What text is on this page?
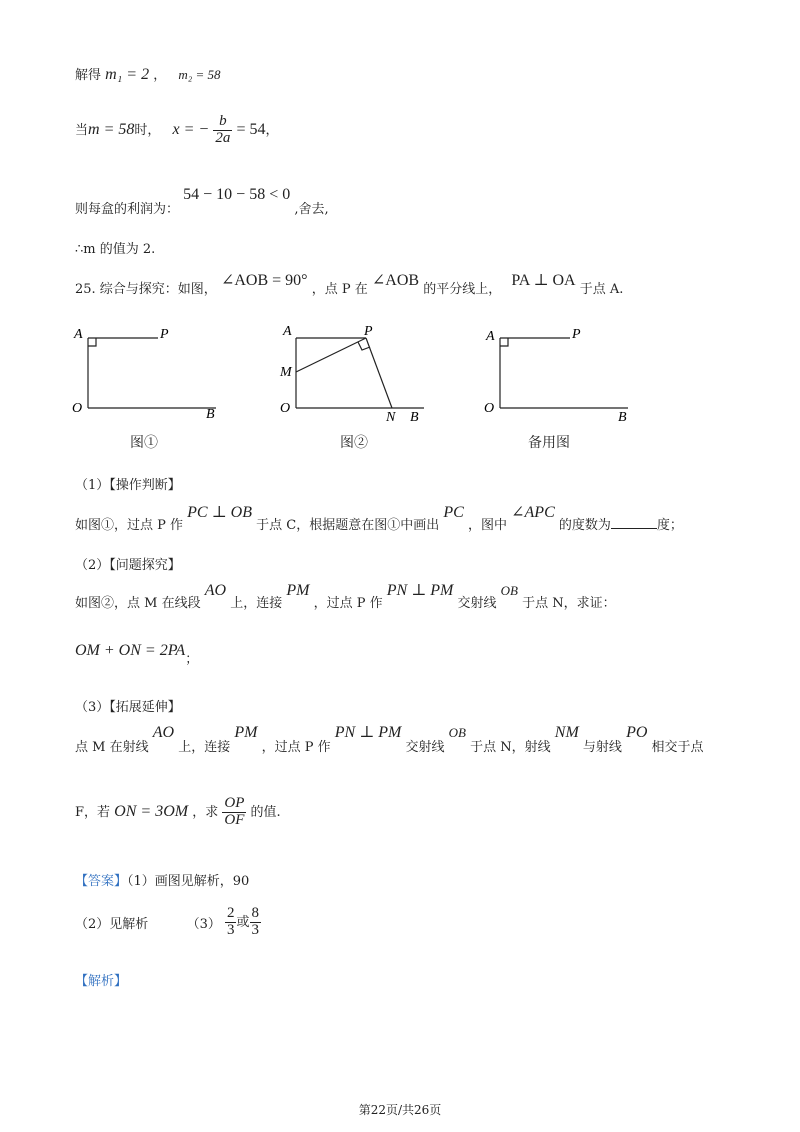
解得 m₁ = 2 ， m₂ = 58
当m = 58时， x = − $\frac{b}{2a} = 54$，
则每盒的利润为： 54 − 10 − 58 < 0 ,舍去,
∴m 的值为 2.
25. 综合与探究：如图， ∠AOB = 90° ，点 P 在 ∠AOB 的平分线上， PA ⊥ OA 于点 A.
A	P
O	B
A	P
M
O
N B
A	P
O
B
图①	图②	备用图
（1）【操作判断】
如图①，过点 P 作 PC ⊥ OB 于点 C，根据题意在图①中画出 PC ，图中 ∠APC 的度数为	度；
（2）【问题探究】
如图②，点 M 在线段 AO 上，连接 PM ，过点 P 作 PN ⊥ PM 交射线 OB 于点 N，求证：
OM + ON = 2PA；
（3）【拓展延伸】
点 M 在射线 AO 上，连接 PM ，过点 P 作 PN ⊥ PM 交射线 OB 于点 N，射线 NM 与射线 PO 相交于点
F，若 ON = 3OM ，求 $\frac{OP}{OF}$ 的值.
【答案】（1）画图见解析，90
（2）见解析	$(3) \frac{2}{3}$ 或 $\frac{8}{3}$
【解析】
第22页/共26页
